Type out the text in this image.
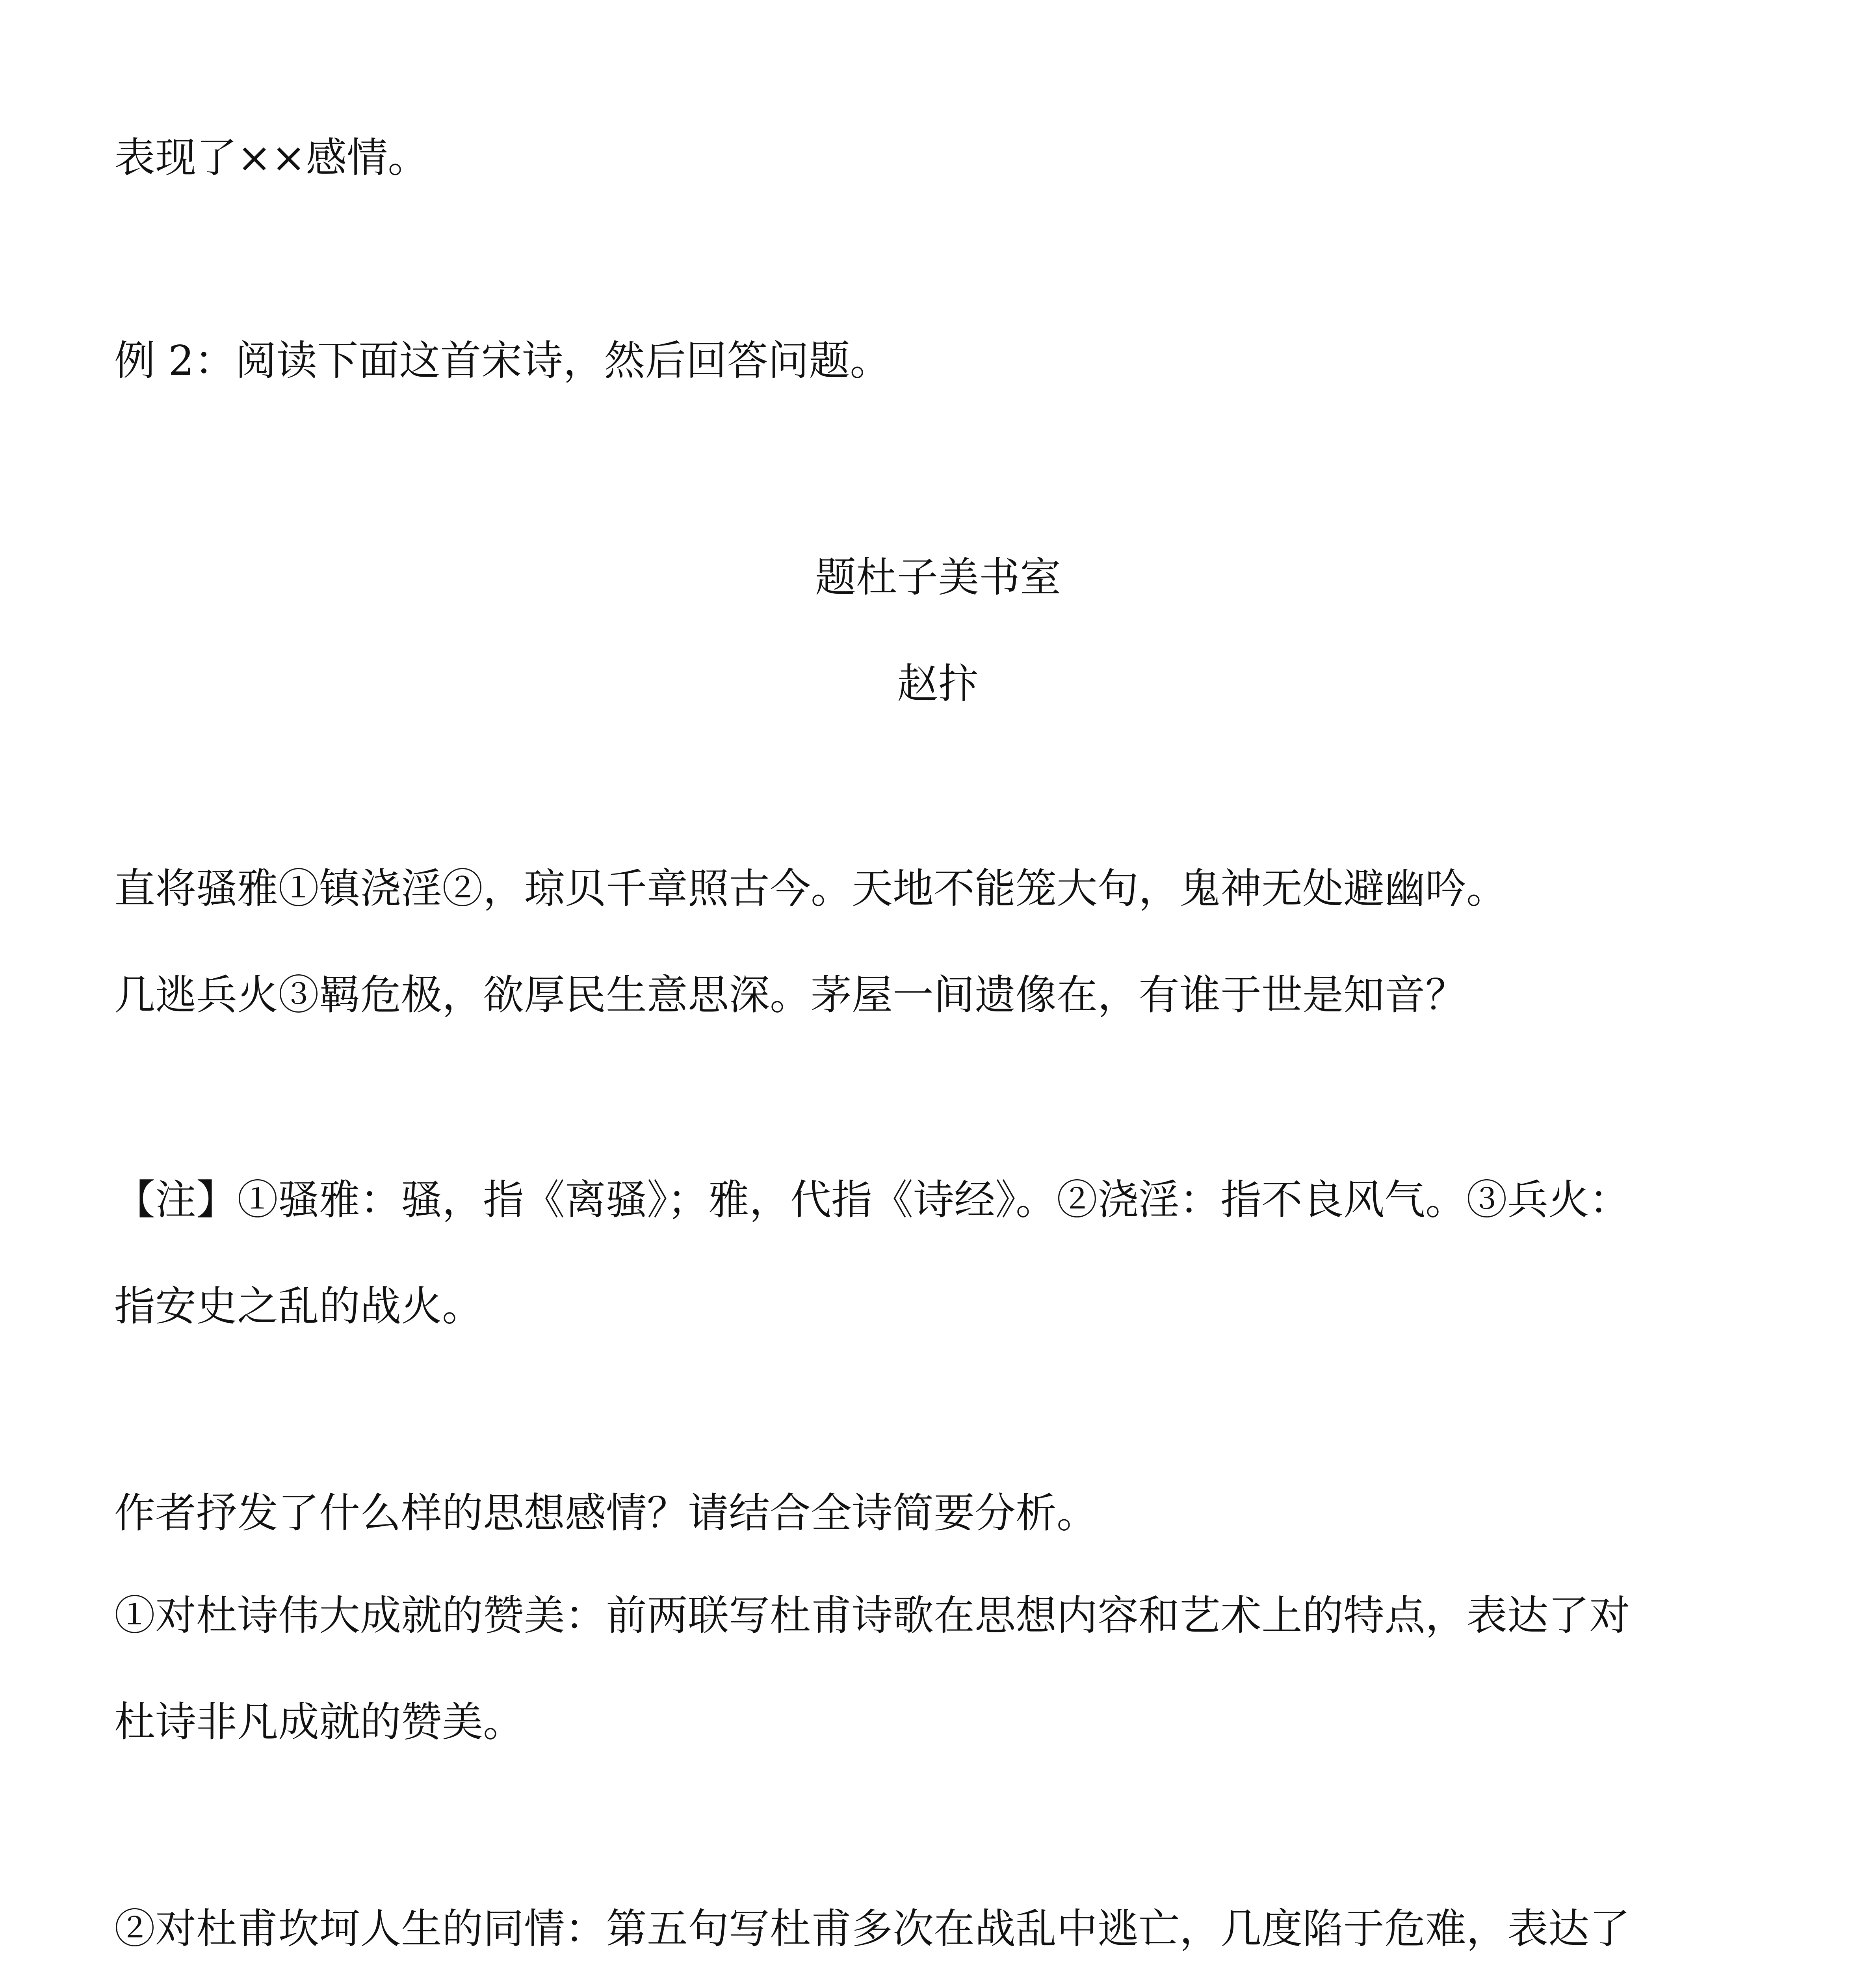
表现了××感情。

例 2：阅读下面这首宋诗，然后回答问题。

题杜子美书室

赵抃

直将骚雅①镇浇淫②，琼贝千章照古今。天地不能笼大句，鬼神无处避幽吟。

几逃兵火③羁危极，欲厚民生意思深。茅屋一间遗像在，有谁于世是知音？

【注】①骚雅：骚，指《离骚》；雅，代指《诗经》。②浇淫：指不良风气。③兵火：

指安史之乱的战火。

作者抒发了什么样的思想感情？请结合全诗简要分析。

①对杜诗伟大成就的赞美：前两联写杜甫诗歌在思想内容和艺术上的特点，表达了对

杜诗非凡成就的赞美。

②对杜甫坎坷人生的同情：第五句写杜甫多次在战乱中逃亡，几度陷于危难，表达了
